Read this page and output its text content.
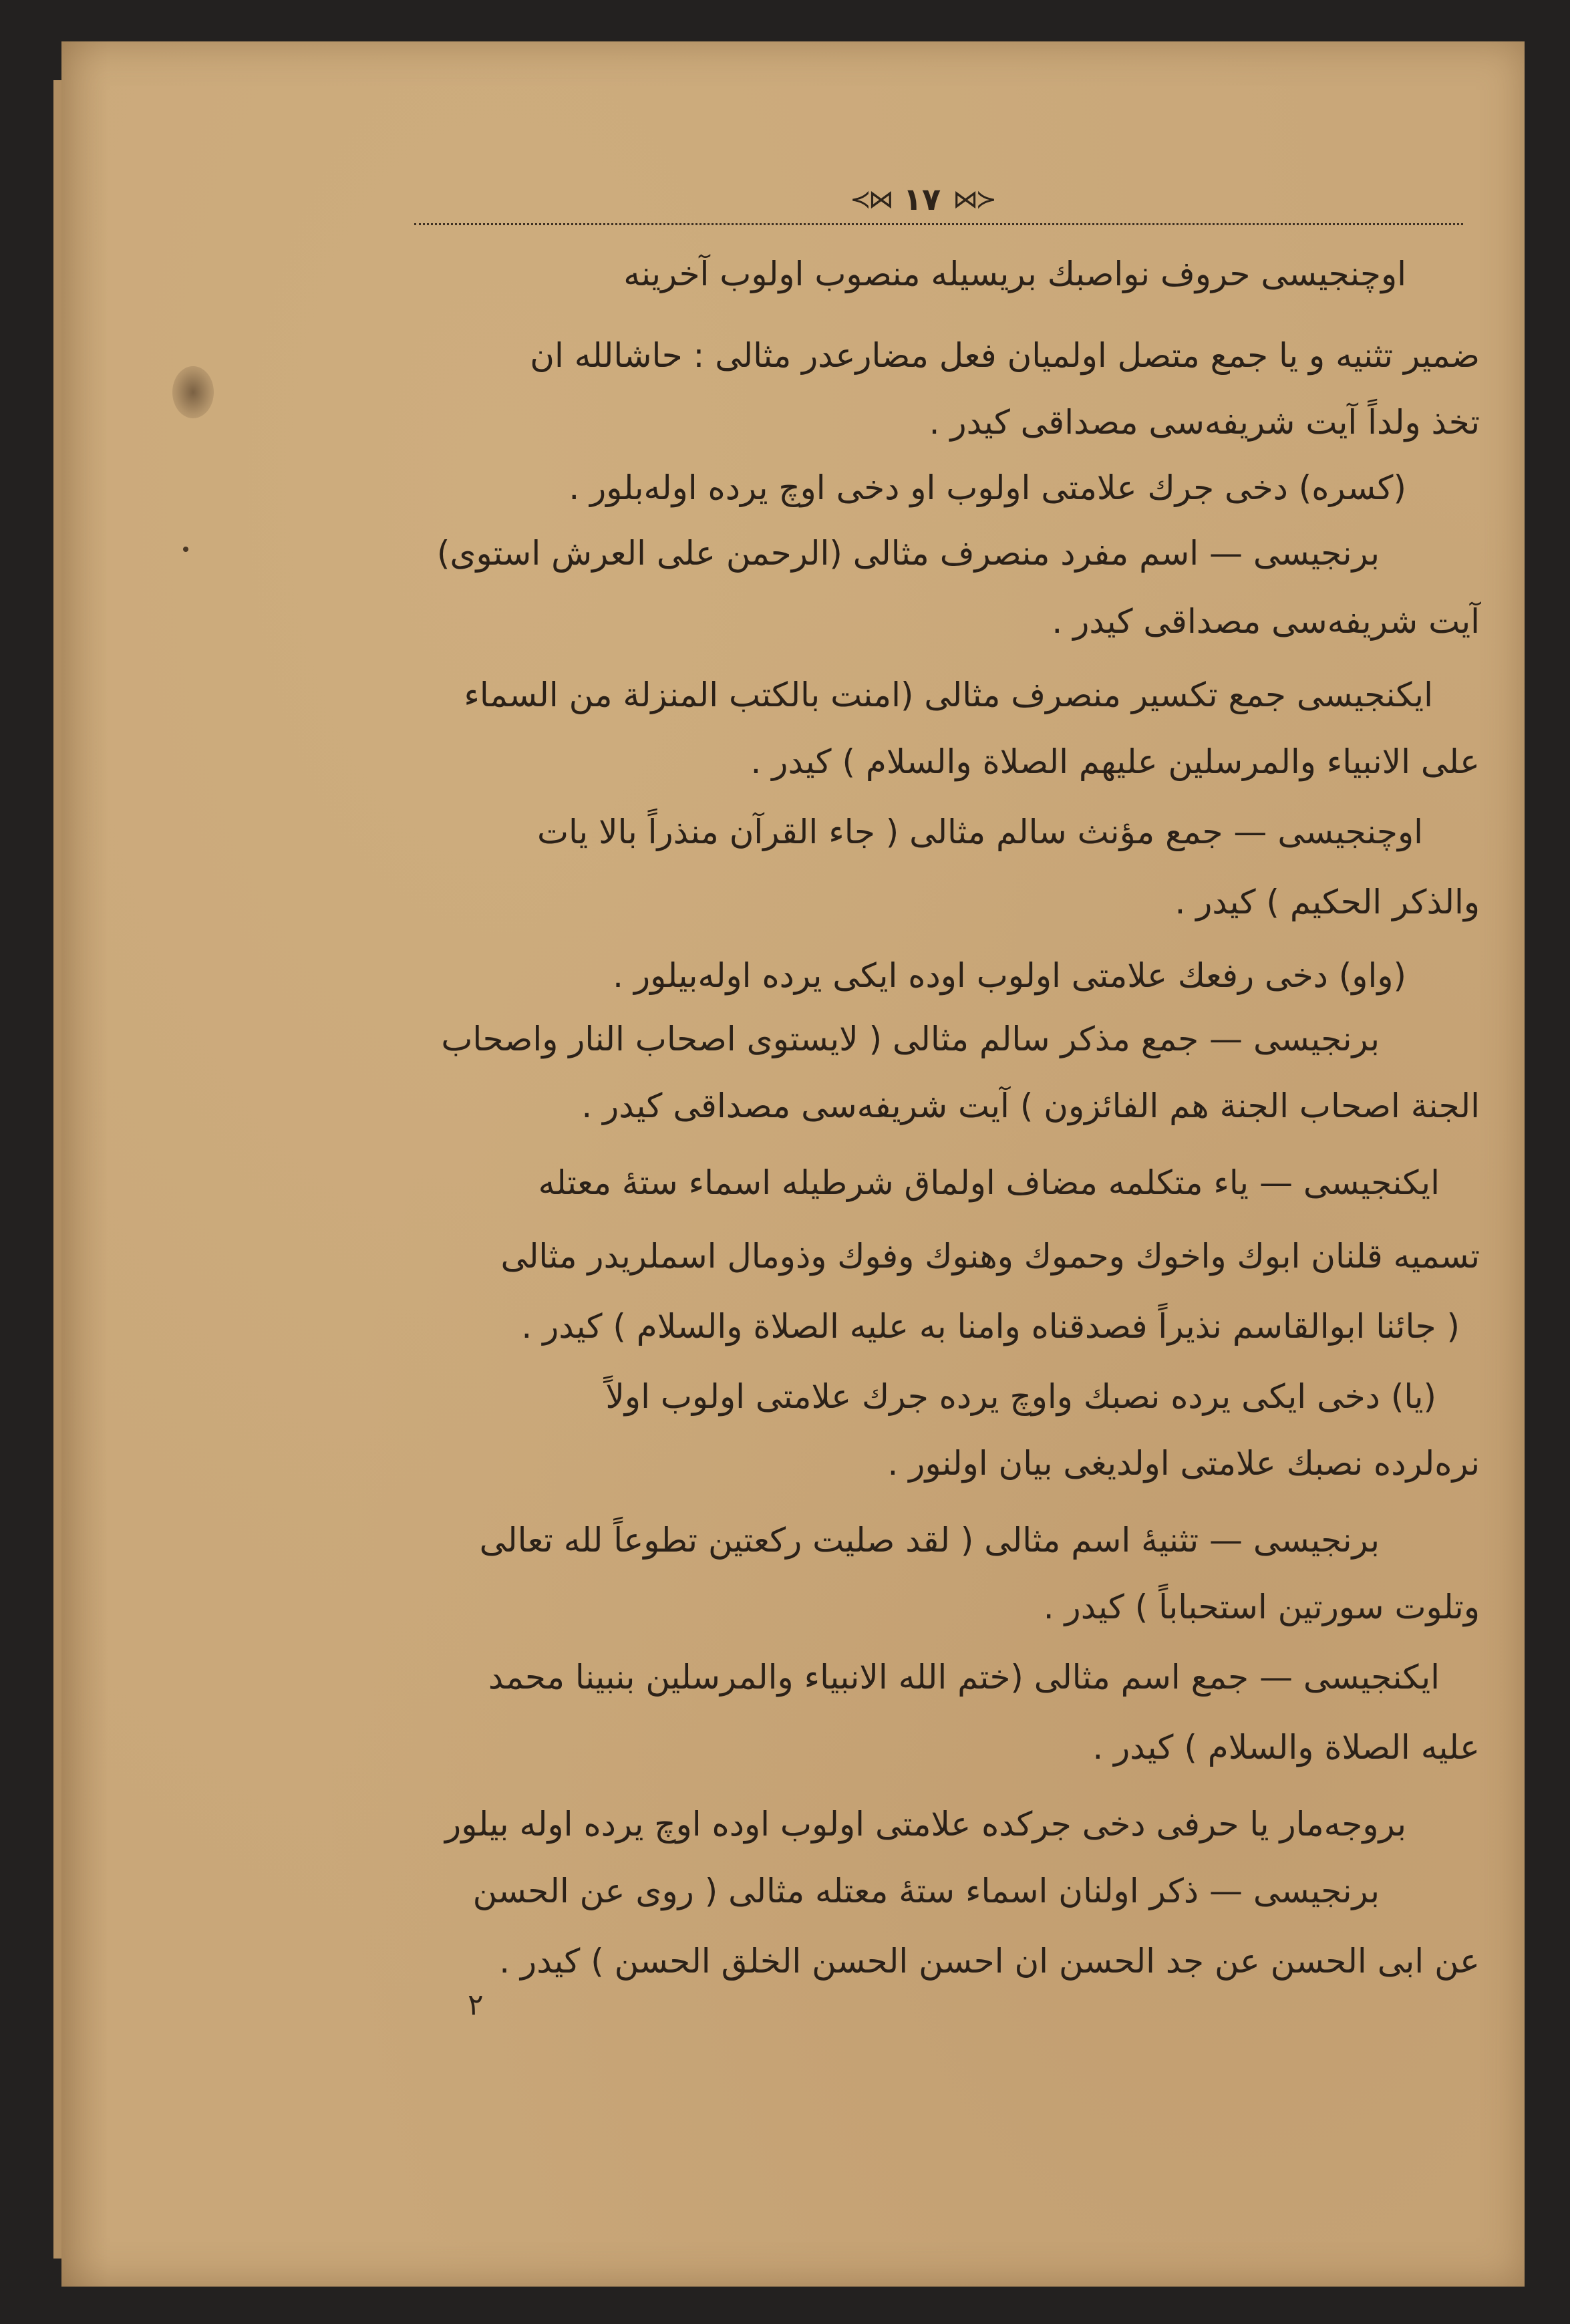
≺⋈ ١٧ ⋈≻
اوچنجیسی حروف نواصبك بریسیله منصوب اولوب آخرینه
ضمیر تثنیه و یا جمع متصل اولمیان فعل مضارعدر مثالی : حاشالله ان
تخذ ولداً آیت شریفه‌سی مصداقی کیدر .
(کسره) دخی جرك علامتی اولوب او دخی اوچ یرده اوله‌بلور .
برنجیسی — اسم مفرد منصرف مثالی (الرحمن علی العرش استوی)
آیت شریفه‌سی مصداقی کیدر .
ایکنجیسی جمع تکسیر منصرف مثالی (امنت بالکتب المنزلة من السماء
علی الانبیاء والمرسلین علیهم الصلاة والسلام ) کیدر .
اوچنجیسی — جمع مؤنث سالم مثالی ( جاء القرآن منذراً بالا یات
والذکر الحکیم ) کیدر .
(واو) دخی رفعك علامتی اولوب اوده ایکی یرده اوله‌بیلور .
برنجیسی — جمع مذکر سالم مثالی ( لایستوی اصحاب النار واصحاب
الجنة اصحاب الجنة هم الفائزون ) آیت شریفه‌سی مصداقی کیدر .
ایکنجیسی — یاء متکلمه مضاف اولماق شرطیله اسماء ستهٔ معتله
تسمیه قلنان ابوك واخوك وحموك وهنوك وفوك وذومال اسملریدر مثالی
( جائنا ابوالقاسم نذیراً فصدقناه وامنا به علیه الصلاة والسلام ) کیدر .
(یا) دخی ایکی یرده نصبك واوچ یرده جرك علامتی اولوب اولاً
نره‌لرده نصبك علامتی اولدیغی بیان اولنور .
برنجیسی — تثنیهٔ اسم مثالی ( لقد صلیت رکعتین تطوعاً لله تعالی
وتلوت سورتین استحباباً ) کیدر .
ایکنجیسی — جمع اسم مثالی (ختم الله الانبیاء والمرسلین بنبینا محمد
علیه الصلاة والسلام ) کیدر .
بروجه‌مار یا حرفی دخی جرکده علامتی اولوب اوده اوچ یرده اوله بیلور
برنجیسی — ذکر اولنان اسماء ستهٔ معتله مثالی ( روی عن الحسن
عن ابی الحسن عن جد الحسن ان احسن الحسن الخلق الحسن ) کیدر .
۲
